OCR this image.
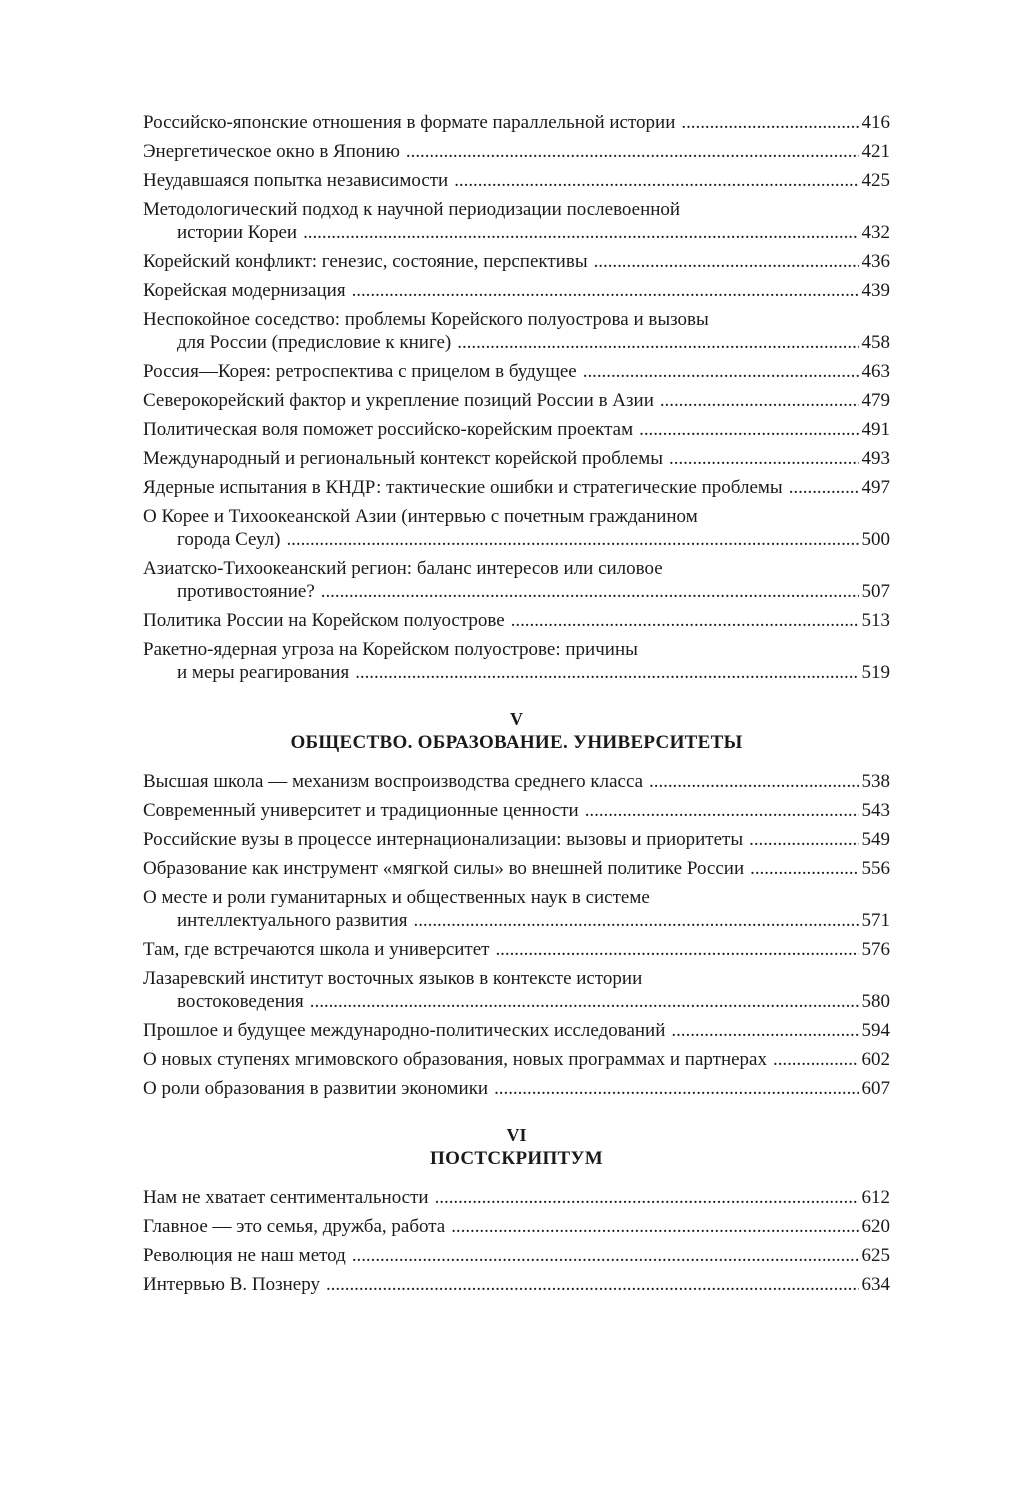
Российско-японские отношения в формате параллельной истории . . .	416
Энергетическое окно в Японию . . .	421
Неудавшаяся попытка независимости . . .	425
Методологический подход к научной периодизации послевоенной
истории Кореи . . .	432
Корейский конфликт: генезис, состояние, перспективы . . .	436
Корейская модернизация . . .	439
Неспокойное соседство: проблемы Корейского полуострова и вызовы
для России (предисловие к книге) . . .	458
Россия—Корея: ретроспектива с прицелом в будущее . . .	463
Северокорейский фактор и укрепление позиций России в Азии . . .	479
Политическая воля поможет российско-корейским проектам . . .	491
Международный и региональный контекст корейской проблемы . . .	493
Ядерные испытания в КНДР: тактические ошибки и стратегические проблемы . . .	497
О Корее и Тихоокеанской Азии (интервью с почетным гражданином
города Сеул) . . .	500
Азиатско-Тихоокеанский регион: баланс интересов или силовое
противостояние? . . .	507
Политика России на Корейском полуострове . . .	513
Ракетно-ядерная угроза на Корейском полуострове: причины
и меры реагирования . . .	519
V
ОБЩЕСТВО. ОБРАЗОВАНИЕ. УНИВЕРСИТЕТЫ
Высшая школа — механизм воспроизводства среднего класса . . .	538
Современный университет и традиционные ценности . . .	543
Российские вузы в процессе интернационализации: вызовы и приоритеты . . .	549
Образование как инструмент «мягкой силы» во внешней политике России . . .	556
О месте и роли гуманитарных и общественных наук в системе
интеллектуального развития . . .	571
Там, где встречаются школа и университет . . .	576
Лазаревский институт восточных языков в контексте истории
востоковедения . . .	580
Прошлое и будущее международно-политических исследований . . .	594
О новых ступенях мгимовского образования, новых программах и партнерах . . .	602
О роли образования в развитии экономики . . .	607
VI
ПОСТСКРИПТУМ
Нам не хватает сентиментальности . . .	612
Главное — это семья, дружба, работа . . .	620
Революция не наш метод . . .	625
Интервью В. Познеру . . .	634
